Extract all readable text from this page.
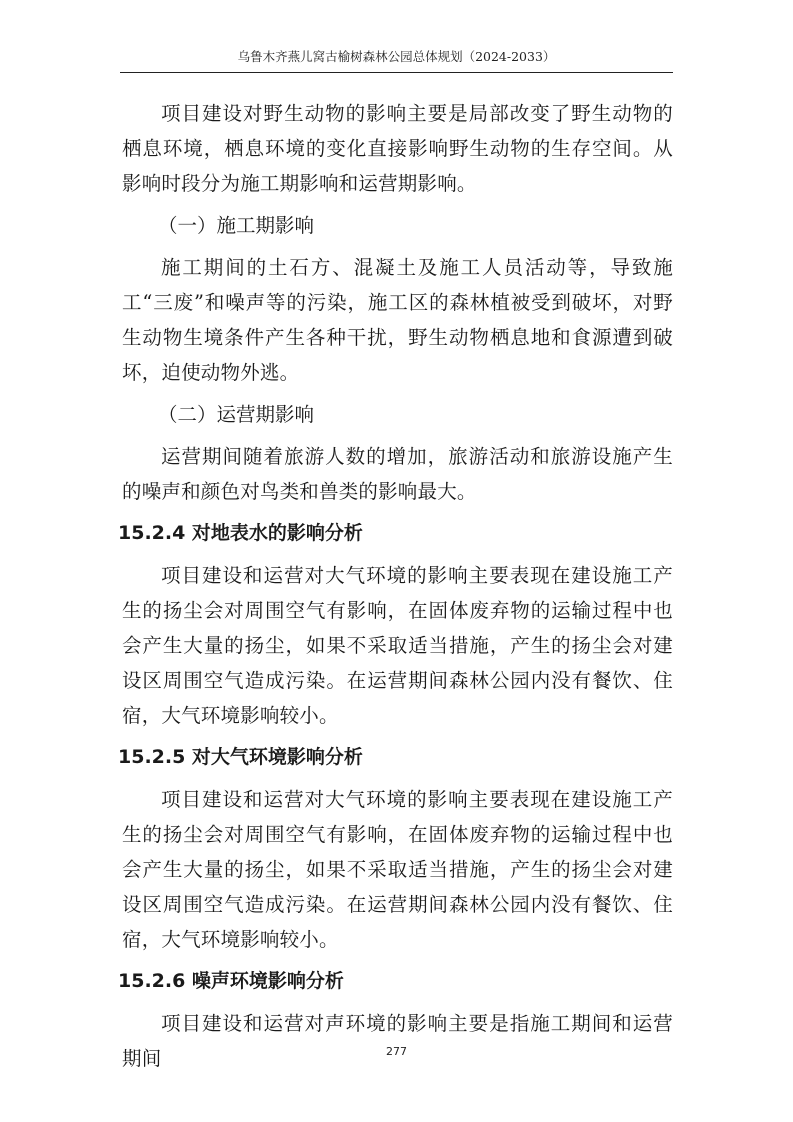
乌鲁木齐燕儿窝古榆树森林公园总体规划（2024-2033）

项目建设对野生动物的影响主要是局部改变了野生动物的栖息环境，栖息环境的变化直接影响野生动物的生存空间。从影响时段分为施工期影响和运营期影响。

（一）施工期影响

施工期间的土石方、混凝土及施工人员活动等，导致施工“三废”和噪声等的污染，施工区的森林植被受到破坏，对野生动物生境条件产生各种干扰，野生动物栖息地和食源遭到破坏，迫使动物外逃。

（二）运营期影响

运营期间随着旅游人数的增加，旅游活动和旅游设施产生的噪声和颜色对鸟类和兽类的影响最大。

15.2.4 对地表水的影响分析

项目建设和运营对大气环境的影响主要表现在建设施工产生的扬尘会对周围空气有影响，在固体废弃物的运输过程中也会产生大量的扬尘，如果不采取适当措施，产生的扬尘会对建设区周围空气造成污染。在运营期间森林公园内没有餐饮、住宿，大气环境影响较小。

15.2.5 对大气环境影响分析

项目建设和运营对大气环境的影响主要表现在建设施工产生的扬尘会对周围空气有影响，在固体废弃物的运输过程中也会产生大量的扬尘，如果不采取适当措施，产生的扬尘会对建设区周围空气造成污染。在运营期间森林公园内没有餐饮、住宿，大气环境影响较小。

15.2.6 噪声环境影响分析

项目建设和运营对声环境的影响主要是指施工期间和运营期间	277
